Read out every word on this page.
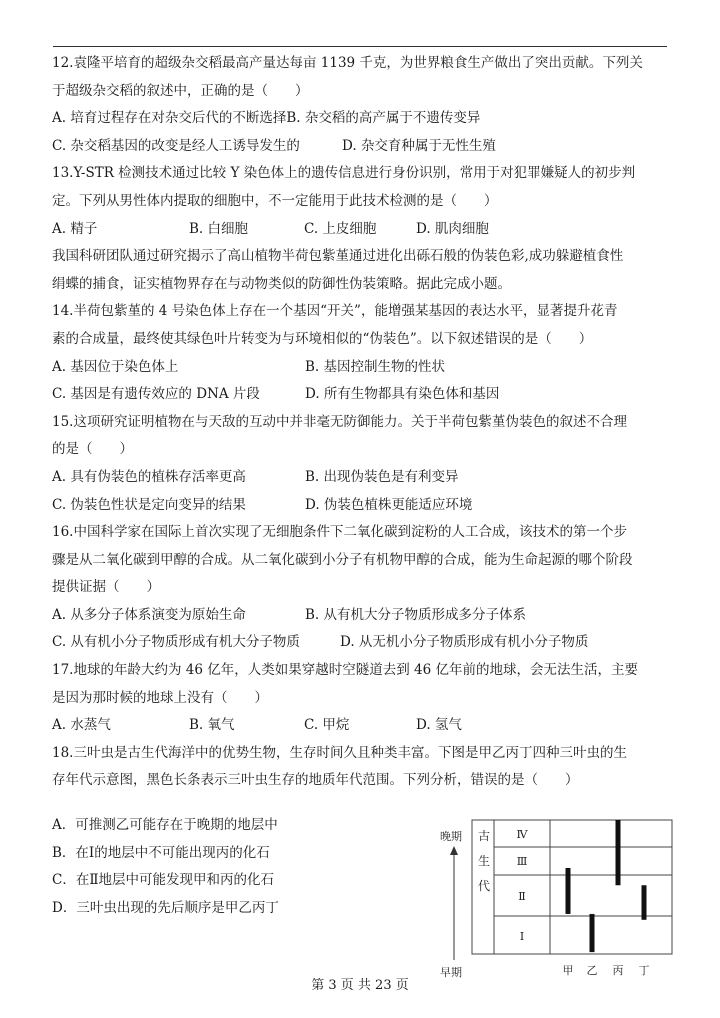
12.袁隆平培育的超级杂交稻最高产量达每亩 1139 千克，为世界粮食生产做出了突出贡献。下列关
于超级杂交稻的叙述中，正确的是（　　）
A. 培育过程存在对杂交后代的不断选择 B. 杂交稻的高产属于不遗传变异
C. 杂交稻基因的改变是经人工诱导发生的	D. 杂交育种属于无性生殖
13.Y-STR 检测技术通过比较 Y 染色体上的遗传信息进行身份识别，常用于对犯罪嫌疑人的初步判
定。下列从男性体内提取的细胞中，不一定能用于此技术检测的是（　　）
A. 精子	B. 白细胞	C. 上皮细胞	D. 肌肉细胞
我国科研团队通过研究揭示了高山植物半荷包紫堇通过进化出砾石般的伪装色彩,成功躲避植食性
绢蝶的捕食，证实植物界存在与动物类似的防御性伪装策略。据此完成小题。
14.半荷包紫堇的 4 号染色体上存在一个基因“开关”，能增强某基因的表达水平，显著提升花青
素的合成量，最终使其绿色叶片转变为与环境相似的“伪装色”。以下叙述错误的是（　　）
A. 基因位于染色体上	B. 基因控制生物的性状
C. 基因是有遗传效应的 DNA 片段	D. 所有生物都具有染色体和基因
15.这项研究证明植物在与天敌的互动中并非毫无防御能力。关于半荷包紫堇伪装色的叙述不合理
的是（　　）
A. 具有伪装色的植株存活率更高	B. 出现伪装色是有利变异
C. 伪装色性状是定向变异的结果	D. 伪装色植株更能适应环境
16.中国科学家在国际上首次实现了无细胞条件下二氧化碳到淀粉的人工合成，该技术的第一个步
骤是从二氧化碳到甲醇的合成。从二氧化碳到小分子有机物甲醇的合成，能为生命起源的哪个阶段
提供证据（　　）
A. 从多分子体系演变为原始生命	B. 从有机大分子物质形成多分子体系
C. 从有机小分子物质形成有机大分子物质	D. 从无机小分子物质形成有机小分子物质
17.地球的年龄大约为 46 亿年，人类如果穿越时空隧道去到 46 亿年前的地球，会无法生活，主要
是因为那时候的地球上没有（　　）
A. 水蒸气	B. 氧气	C. 甲烷	D. 氢气
18.三叶虫是古生代海洋中的优势生物，生存时间久且种类丰富。下图是甲乙丙丁四种三叶虫的生
存年代示意图，黑色长条表示三叶虫生存的地质年代范围。下列分析，错误的是（　　）
A．可推测乙可能存在于晚期的地层中
B．在Ⅰ的地层中不可能出现丙的化石
C．在Ⅱ地层中可能发现甲和丙的化石
D．三叶虫出现的先后顺序是甲乙丙丁
晚期
早期
古
生
代
Ⅳ
Ⅲ
Ⅱ
Ⅰ
甲 乙 丙 丁
第 3 页 共 23 页
